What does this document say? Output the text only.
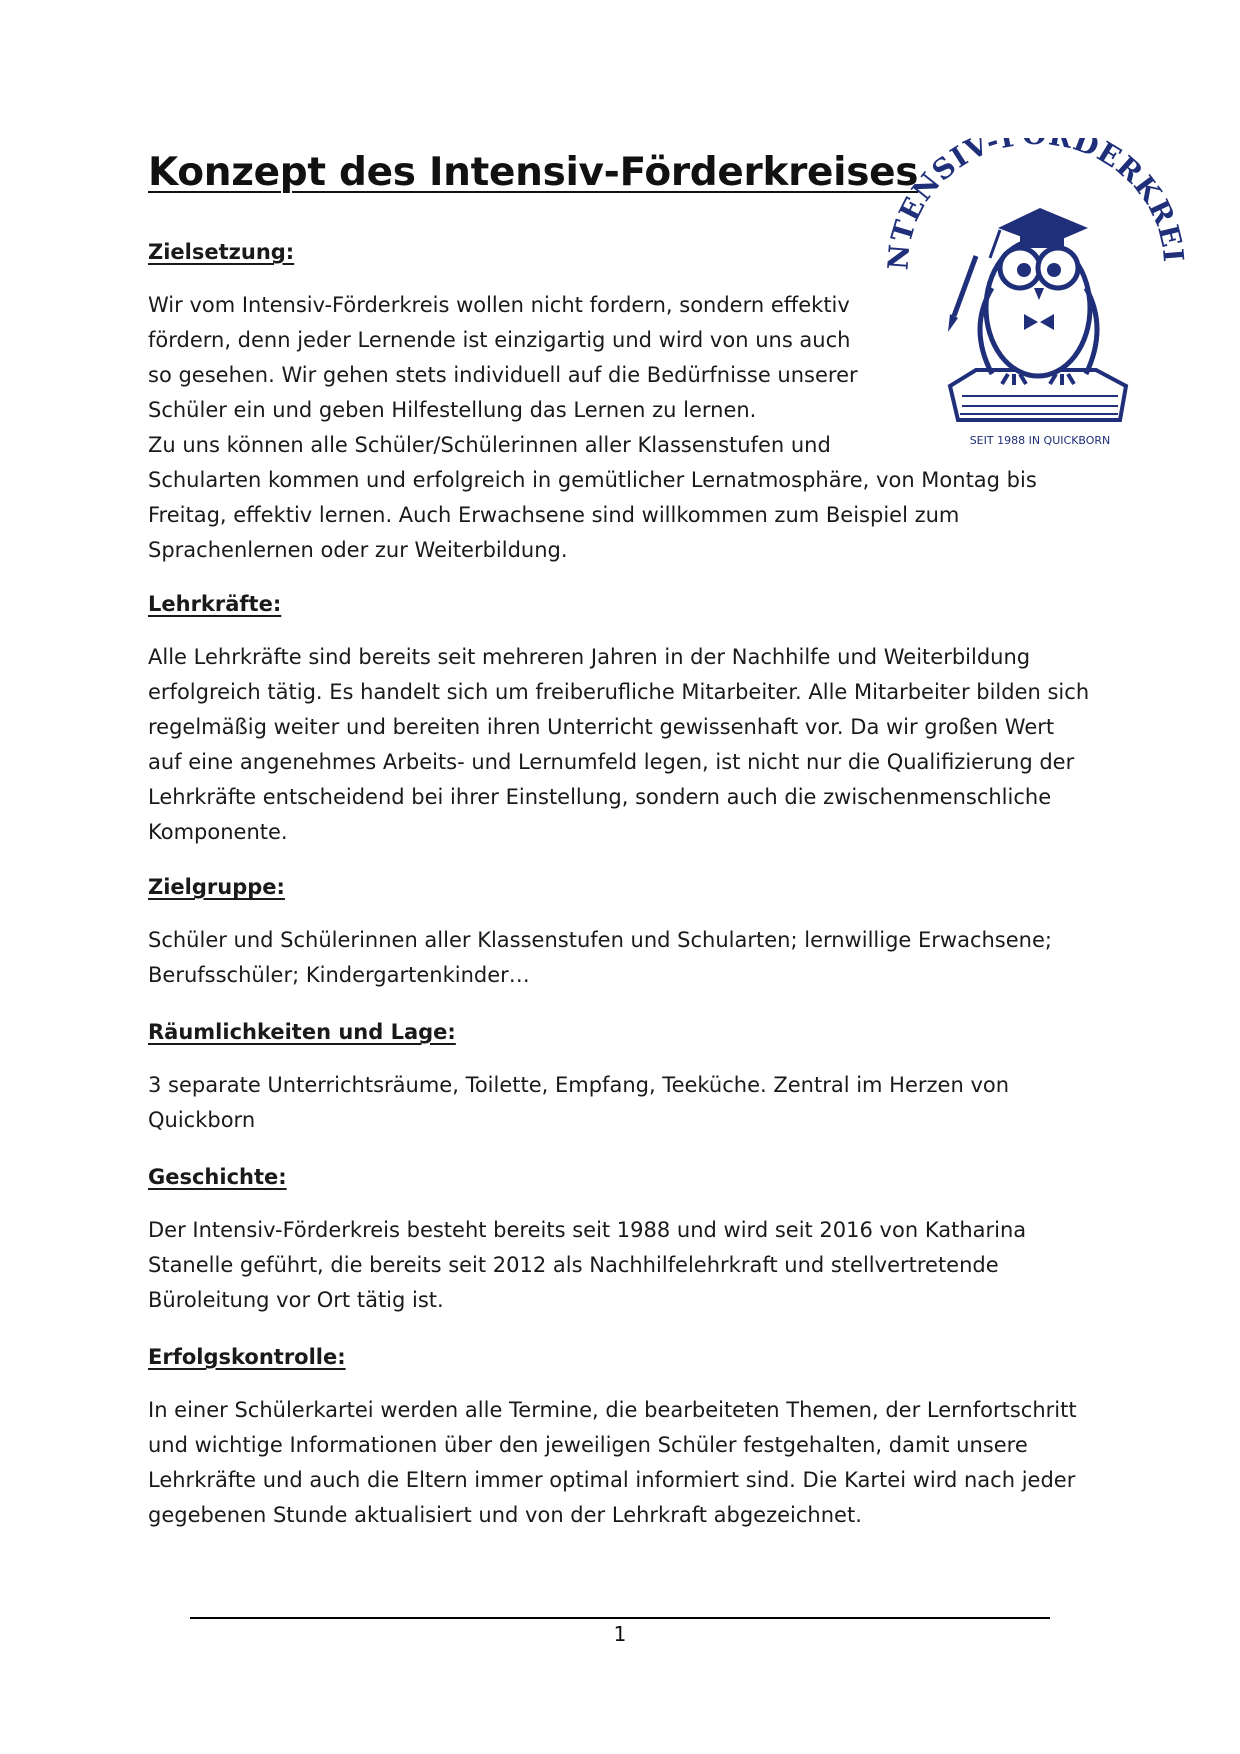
Konzept des Intensiv-Förderkreises
NTENSIV- DERKREI
SEIT 1988 IN QUICKBORN
Zielsetzung:

Wir vom Intensiv-Förderkreis wollen nicht fordern, sondern effektiv
fördern, denn jeder Lernende ist einzigartig und wird von uns auch
so gesehen. Wir gehen stets individuell auf die Bedürfnisse unserer
Schüler ein und geben Hilfestellung das Lernen zu lernen.
Zu uns können alle Schüler/Schülerinnen aller Klassenstufen und
Schularten kommen und erfolgreich in gemütlicher Lernatmosphäre, von Montag bis
Freitag, effektiv lernen. Auch Erwachsene sind willkommen zum Beispiel zum
Sprachenlernen oder zur Weiterbildung.

Lehrkräfte:

Alle Lehrkräfte sind bereits seit mehreren Jahren in der Nachhilfe und Weiterbildung
erfolgreich tätig. Es handelt sich um freiberufliche Mitarbeiter. Alle Mitarbeiter bilden sich
regelmäßig weiter und bereiten ihren Unterricht gewissenhaft vor. Da wir großen Wert
auf eine angenehmes Arbeits- und Lernumfeld legen, ist nicht nur die Qualifizierung der
Lehrkräfte entscheidend bei ihrer Einstellung, sondern auch die zwischenmenschliche
Komponente.

Zielgruppe:

Schüler und Schülerinnen aller Klassenstufen und Schularten; lernwillige Erwachsene;
Berufsschüler; Kindergartenkinder…

Räumlichkeiten und Lage:

3 separate Unterrichtsräume, Toilette, Empfang, Teeküche. Zentral im Herzen von
Quickborn

Geschichte:

Der Intensiv-Förderkreis besteht bereits seit 1988 und wird seit 2016 von Katharina
Stanelle geführt, die bereits seit 2012 als Nachhilfelehrkraft und stellvertretende
Büroleitung vor Ort tätig ist.

Erfolgskontrolle:

In einer Schülerkartei werden alle Termine, die bearbeiteten Themen, der Lernfortschritt
und wichtige Informationen über den jeweiligen Schüler festgehalten, damit unsere
Lehrkräfte und auch die Eltern immer optimal informiert sind. Die Kartei wird nach jeder
gegebenen Stunde aktualisiert und von der Lehrkraft abgezeichnet.

1
